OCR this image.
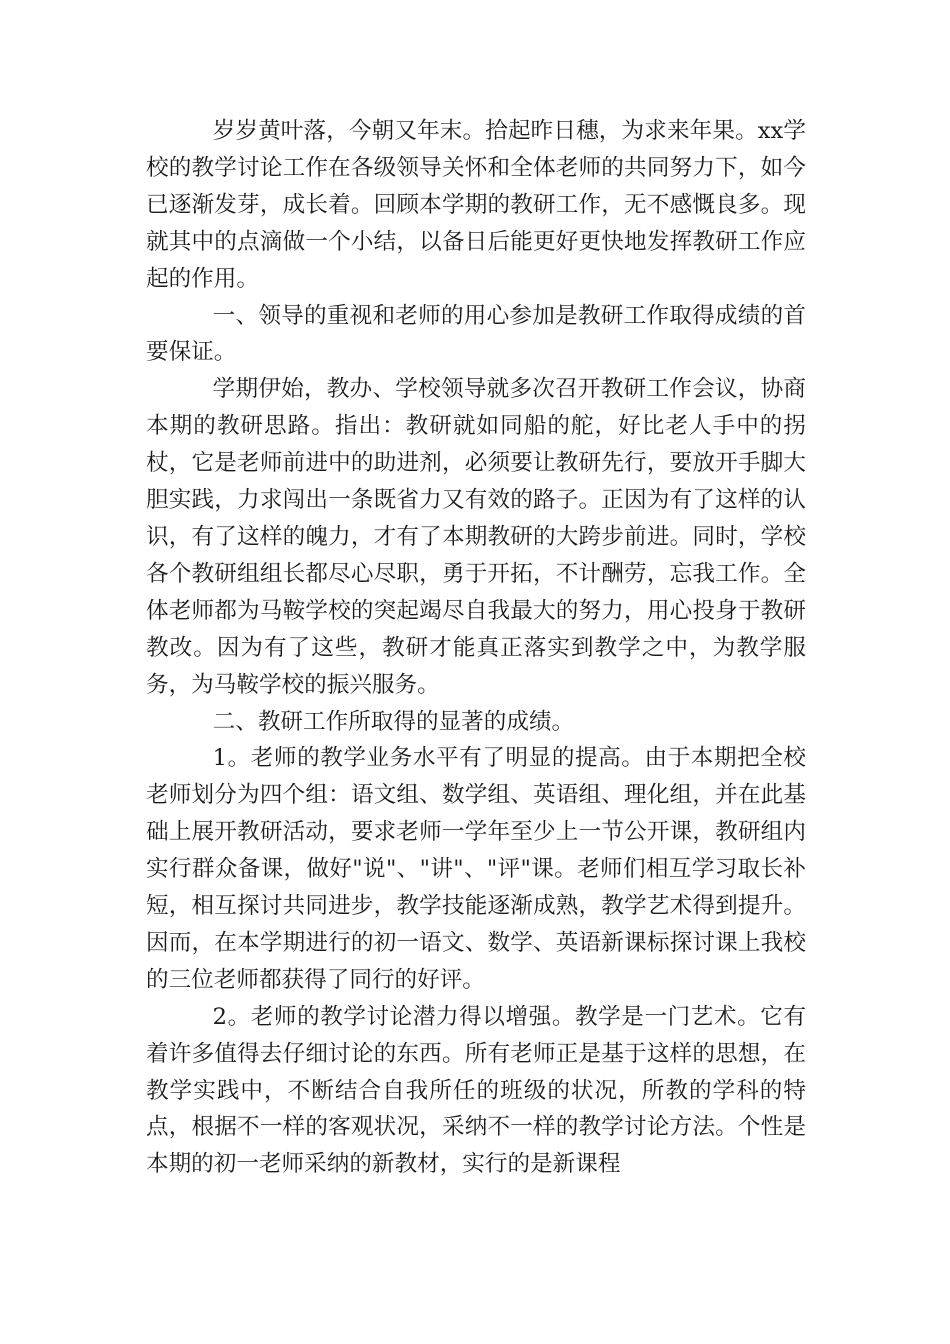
岁岁黄叶落，今朝又年末。拾起昨日穗，为求来年果。xx学校的教学讨论工作在各级领导关怀和全体老师的共同努力下，如今已逐渐发芽，成长着。回顾本学期的教研工作，无不感慨良多。现就其中的点滴做一个小结，以备日后能更好更快地发挥教研工作应起的作用。

一、领导的重视和老师的用心参加是教研工作取得成绩的首要保证。

学期伊始，教办、学校领导就多次召开教研工作会议，协商本期的教研思路。指出：教研就如同船的舵，好比老人手中的拐杖，它是老师前进中的助进剂，必须要让教研先行，要放开手脚大胆实践，力求闯出一条既省力又有效的路子。正因为有了这样的认识，有了这样的魄力，才有了本期教研的大跨步前进。同时，学校各个教研组组长都尽心尽职，勇于开拓，不计酬劳，忘我工作。全体老师都为马鞍学校的突起竭尽自我最大的努力，用心投身于教研教改。因为有了这些，教研才能真正落实到教学之中，为教学服务，为马鞍学校的振兴服务。

二、教研工作所取得的显著的成绩。

1。老师的教学业务水平有了明显的提高。由于本期把全校老师划分为四个组：语文组、数学组、英语组、理化组，并在此基础上展开教研活动，要求老师一学年至少上一节公开课，教研组内实行群众备课，做好"说"、"讲"、"评"课。老师们相互学习取长补短，相互探讨共同进步，教学技能逐渐成熟，教学艺术得到提升。因而，在本学期进行的初一语文、数学、英语新课标探讨课上我校的三位老师都获得了同行的好评。

2。老师的教学讨论潜力得以增强。教学是一门艺术。它有着许多值得去仔细讨论的东西。所有老师正是基于这样的思想，在教学实践中，不断结合自我所任的班级的状况，所教的学科的特点，根据不一样的客观状况，采纳不一样的教学讨论方法。个性是本期的初一老师采纳的新教材，实行的是新课程
